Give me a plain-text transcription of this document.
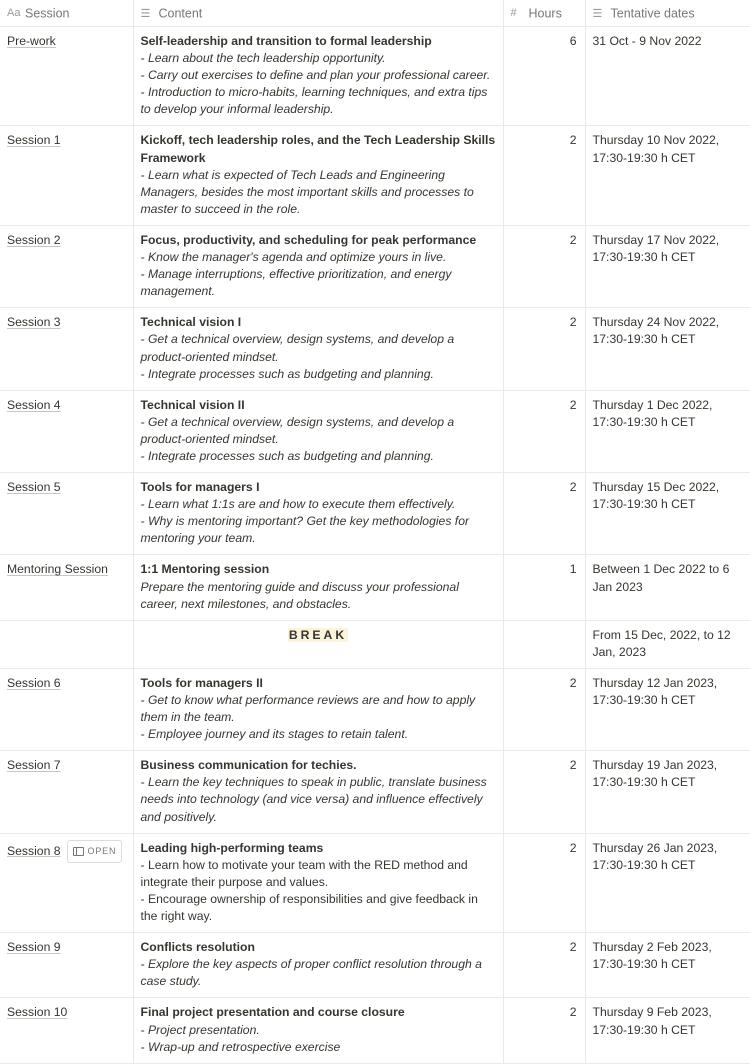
Aa Session	☰ Content	# Hours	☰ Tentative dates
Pre-work	Self-leadership and transition to formal leadership
- Learn about the tech leadership opportunity.
- Carry out exercises to define and plan your professional career.
- Introduction to micro-habits, learning techniques, and extra tips to develop your informal leadership.	6	31 Oct - 9 Nov 2022
Session 1	Kickoff, tech leadership roles, and the Tech Leadership Skills Framework
- Learn what is expected of Tech Leads and Engineering Managers, besides the most important skills and processes to master to succeed in the role.	2	Thursday 10 Nov 2022, 17:30-19:30 h CET
Session 2	Focus, productivity, and scheduling for peak performance
- Know the manager's agenda and optimize yours in live.
- Manage interruptions, effective prioritization, and energy management.	2	Thursday 17 Nov 2022, 17:30-19:30 h CET
Session 3	Technical vision I
- Get a technical overview, design systems, and develop a product-oriented mindset.
- Integrate processes such as budgeting and planning.	2	Thursday 24 Nov 2022, 17:30-19:30 h CET
Session 4	Technical vision II
- Get a technical overview, design systems, and develop a product-oriented mindset.
- Integrate processes such as budgeting and planning.	2	Thursday 1 Dec 2022, 17:30-19:30 h CET
Session 5	Tools for managers I
- Learn what 1:1s are and how to execute them effectively.
- Why is mentoring important? Get the key methodologies for mentoring your team.	2	Thursday 15 Dec 2022, 17:30-19:30 h CET
Mentoring Session	1:1 Mentoring session
Prepare the mentoring guide and discuss your professional career, next milestones, and obstacles.	1	Between 1 Dec 2022 to 6 Jan 2023

	BREAK		From 15 Dec, 2022, to 12 Jan, 2023
Session 6	Tools for managers II
- Get to know what performance reviews are and how to apply them in the team.
- Employee journey and its stages to retain talent.	2	Thursday 12 Jan 2023, 17:30-19:30 h CET
Session 7	Business communication for techies.
- Learn the key techniques to speak in public, translate business needs into technology (and vice versa) and influence effectively and positively.	2	Thursday 19 Jan 2023, 17:30-19:30 h CET
Session 8 OPEN	Leading high-performing teams
- Learn how to motivate your team with the RED method and integrate their purpose and values.
- Encourage ownership of responsibilities and give feedback in the right way.	2	Thursday 26 Jan 2023, 17:30-19:30 h CET
Session 9	Conflicts resolution
- Explore the key aspects of proper conflict resolution through a case study.	2	Thursday 2 Feb 2023, 17:30-19:30 h CET
Session 10	Final project presentation and course closure
- Project presentation.
- Wrap-up and retrospective exercise	2	Thursday 9 Feb 2023, 17:30-19:30 h CET
